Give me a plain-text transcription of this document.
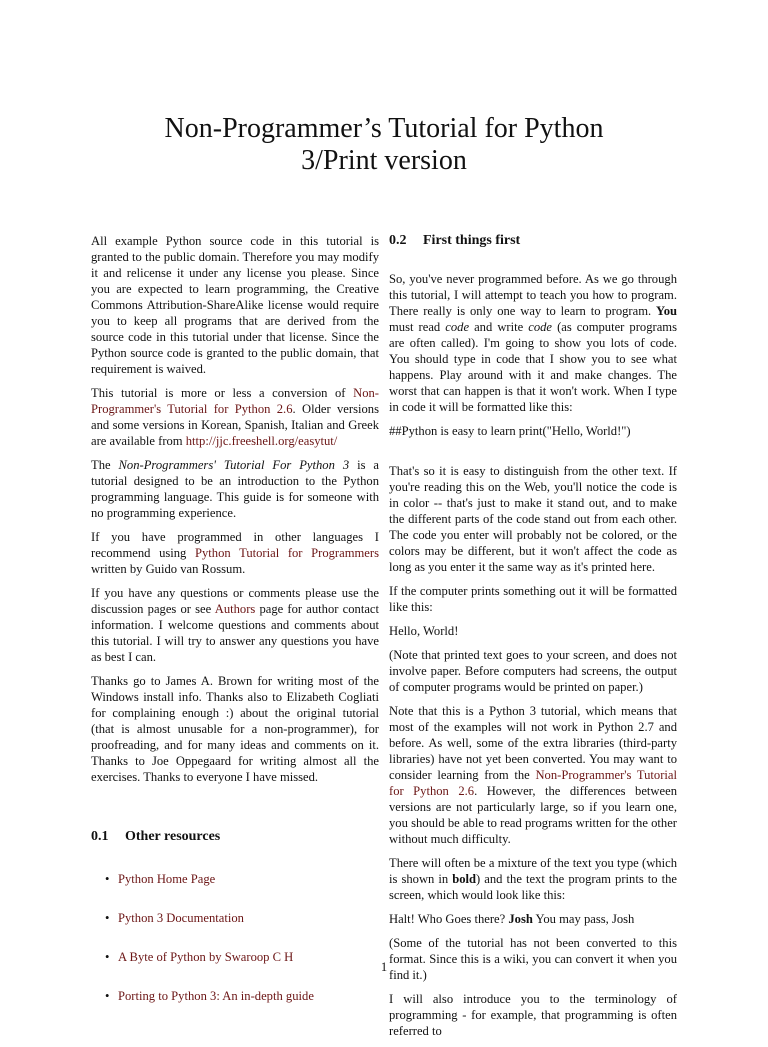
Non-Programmer’s Tutorial for Python
3/Print version

All example Python source code in this tutorial is granted to the public domain. Therefore you may modify it and relicense it under any license you please. Since you are expected to learn programming, the Creative Commons Attribution-ShareAlike license would require you to keep all programs that are derived from the source code in this tutorial under that license. Since the Python source code is granted to the public domain, that requirement is waived.

This tutorial is more or less a conversion of Non-Programmer's Tutorial for Python 2.6. Older versions and some versions in Korean, Spanish, Italian and Greek are available from http://jjc.freeshell.org/easytut/

The Non-Programmers' Tutorial For Python 3 is a tutorial designed to be an introduction to the Python programming language. This guide is for someone with no programming experience.

If you have programmed in other languages I recommend using Python Tutorial for Programmers written by Guido van Rossum.

If you have any questions or comments please use the discussion pages or see Authors page for author contact information. I welcome questions and comments about this tutorial. I will try to answer any questions you have as best I can.

Thanks go to James A. Brown for writing most of the Windows install info. Thanks also to Elizabeth Cogliati for complaining enough :) about the original tutorial (that is almost unusable for a non-programmer), for proofreading, and for many ideas and comments on it. Thanks to Joe Oppegaard for writing almost all the exercises. Thanks to everyone I have missed.

0.1 Other resources
• Python Home Page
• Python 3 Documentation
• A Byte of Python by Swaroop C H
• Porting to Python 3: An in-depth guide
0.2 First things first

So, you've never programmed before. As we go through this tutorial, I will attempt to teach you how to program. There really is only one way to learn to program. You must read code and write code (as computer programs are often called). I'm going to show you lots of code. You should type in code that I show you to see what happens. Play around with it and make changes. The worst that can happen is that it won't work. When I type in code it will be formatted like this:

##Python is easy to learn print("Hello, World!")

That's so it is easy to distinguish from the other text. If you're reading this on the Web, you'll notice the code is in color -- that's just to make it stand out, and to make the different parts of the code stand out from each other. The code you enter will probably not be colored, or the colors may be different, but it won't affect the code as long as you enter it the same way as it's printed here.

If the computer prints something out it will be formatted like this:

Hello, World!

(Note that printed text goes to your screen, and does not involve paper. Before computers had screens, the output of computer programs would be printed on paper.)

Note that this is a Python 3 tutorial, which means that most of the examples will not work in Python 2.7 and before. As well, some of the extra libraries (third-party libraries) have not yet been converted. You may want to consider learning from the Non-Programmer's Tutorial for Python 2.6. However, the differences between versions are not particularly large, so if you learn one, you should be able to read programs written for the other without much difficulty.

There will often be a mixture of the text you type (which is shown in bold) and the text the program prints to the screen, which would look like this:

Halt! Who Goes there? Josh You may pass, Josh

(Some of the tutorial has not been converted to this format. Since this is a wiki, you can convert it when you find it.)

I will also introduce you to the terminology of programming - for example, that programming is often referred to

1
